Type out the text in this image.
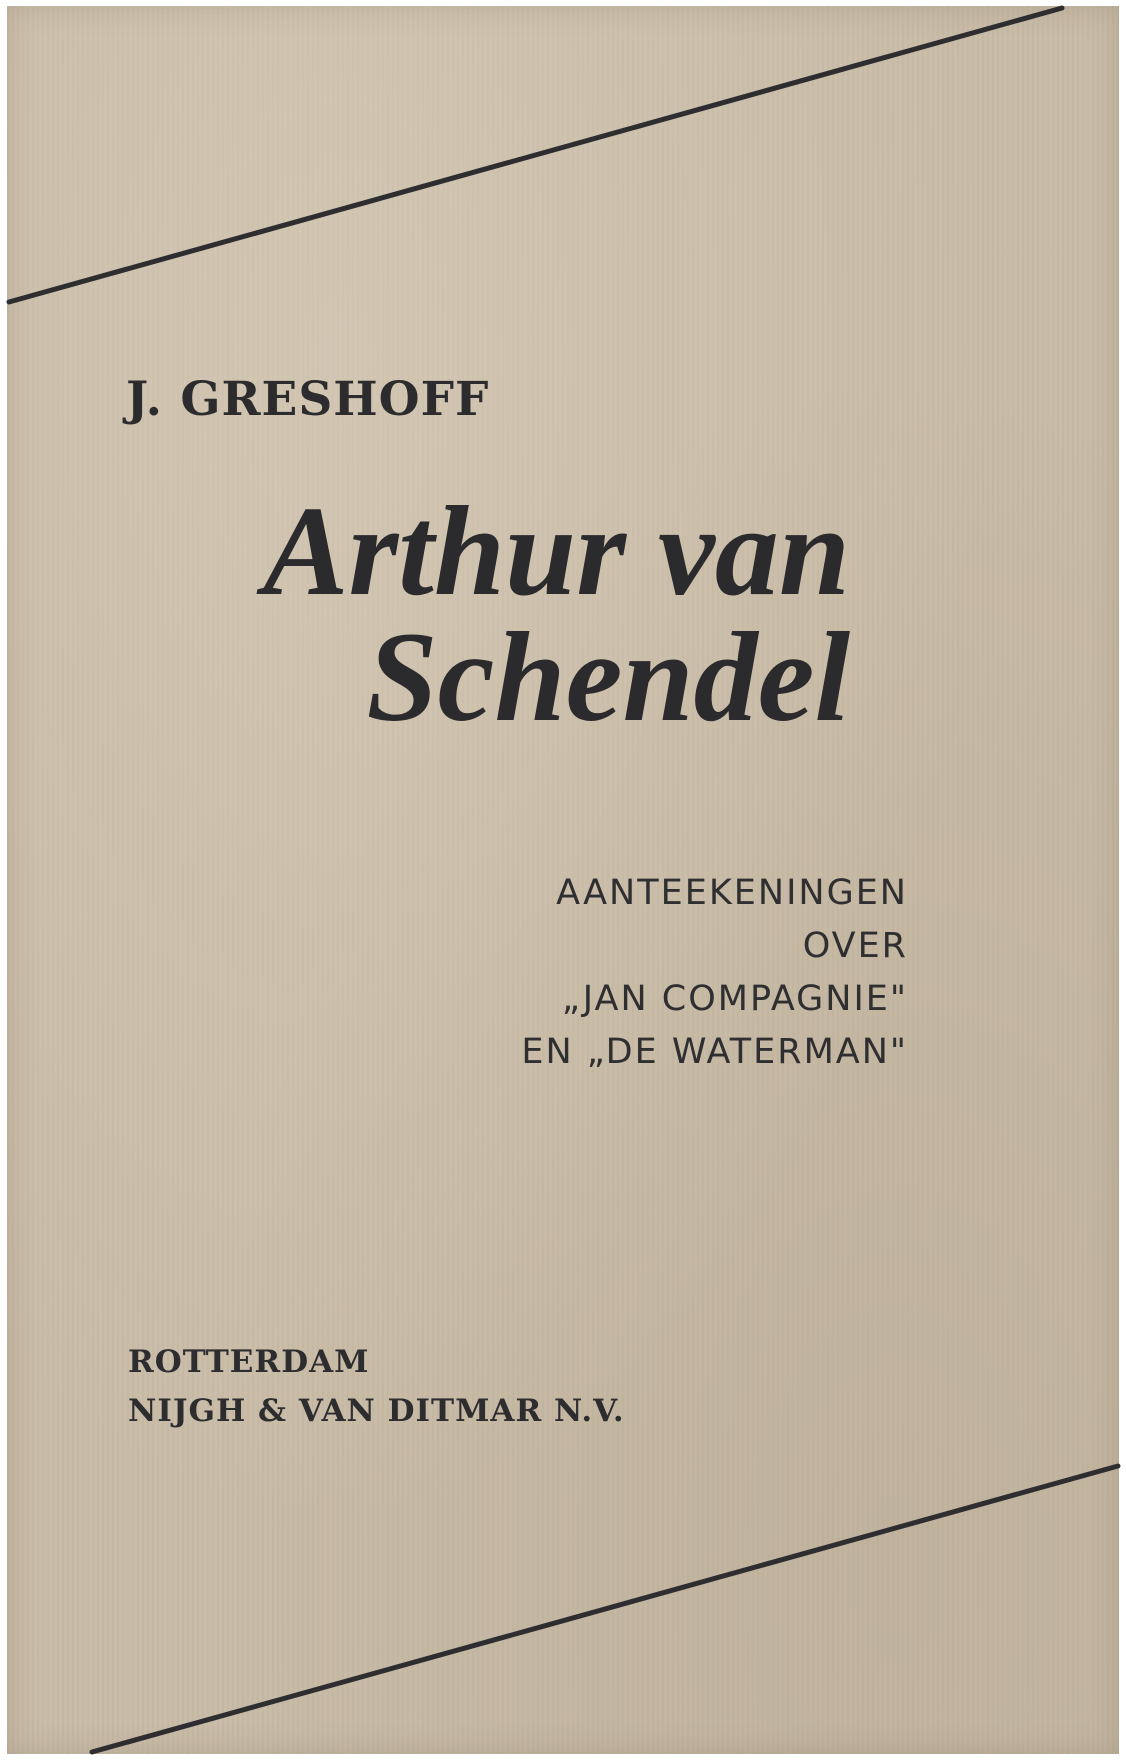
J. GRESHOFF
Arthur van
Schendel
AANTEEKENINGEN
OVER
„JAN COMPAGNIE"
EN „DE WATERMAN"
ROTTERDAM
NIJGH & VAN DITMAR N.V.
